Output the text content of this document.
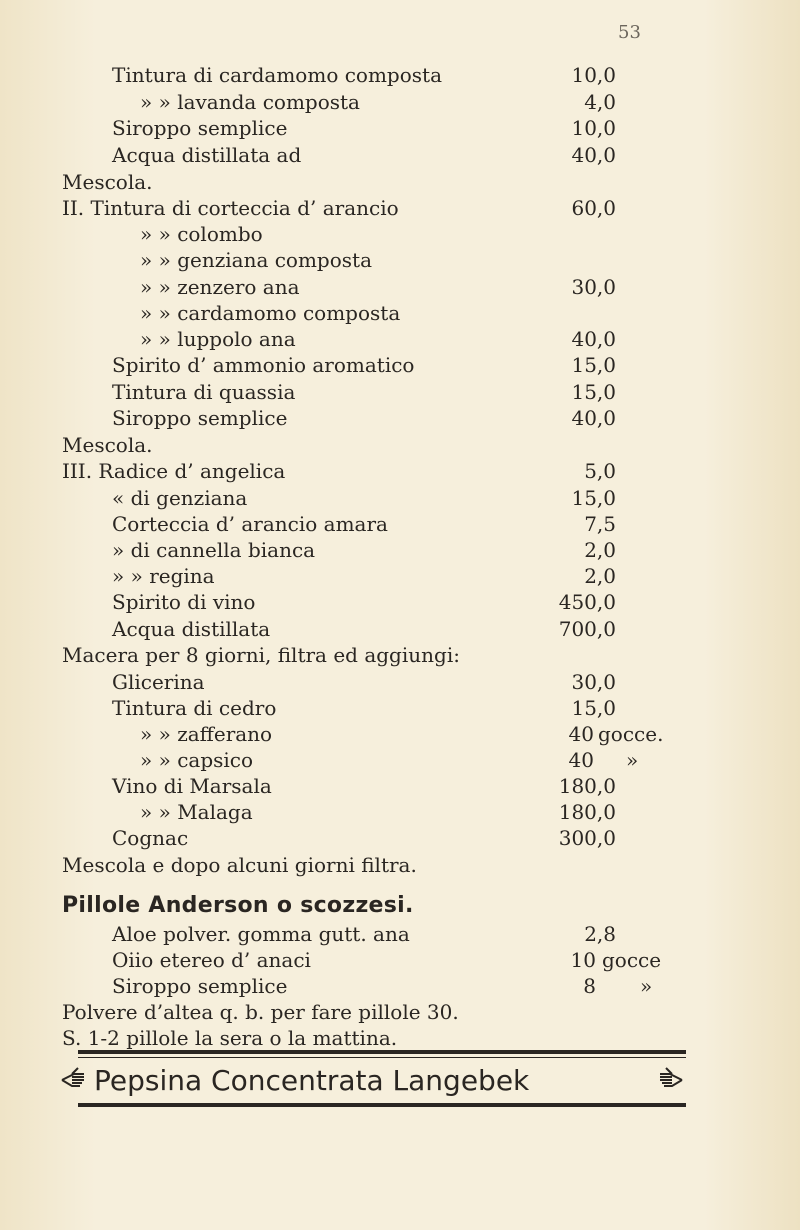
53
Tintura di cardamomo composta	10,0
» » lavanda composta	4,0
Siroppo semplice	10,0
Acqua distillata ad	40,0
Mescola.
II. Tintura di corteccia d’ arancio	60,0
» » colombo
» » genziana composta
» » zenzero ana	30,0
» » cardamomo composta
» » luppolo ana	40,0
Spirito d’ ammonio aromatico	15,0
Tintura di quassia	15,0
Siroppo semplice	40,0
Mescola.
III. Radice d’ angelica	5,0
« di genziana	15,0
Corteccia d’ arancio amara	7,5
» di cannella bianca	2,0
» » regina	2,0
Spirito di vino	450,0
Acqua distillata	700,0
Macera per 8 giorni, filtra ed aggiungi:
Glicerina	30,0
Tintura di cedro	15,0
» » zafferano	40 gocce.
» » capsico	40 »
Vino di Marsala	180,0
» » Malaga	180,0
Cognac	300,0
Mescola e dopo alcuni giorni filtra.
Aloe polver. gomma gutt. ana	2,8
Oiio etereo d’ anaci	10 gocce
Siroppo semplice	8 »
Polvere d’altea q. b. per fare pillole 30.
S. 1-2 pillole la sera o la mattina.
Pillole Anderson o scozzesi.
Pepsina Concentrata Langebek
